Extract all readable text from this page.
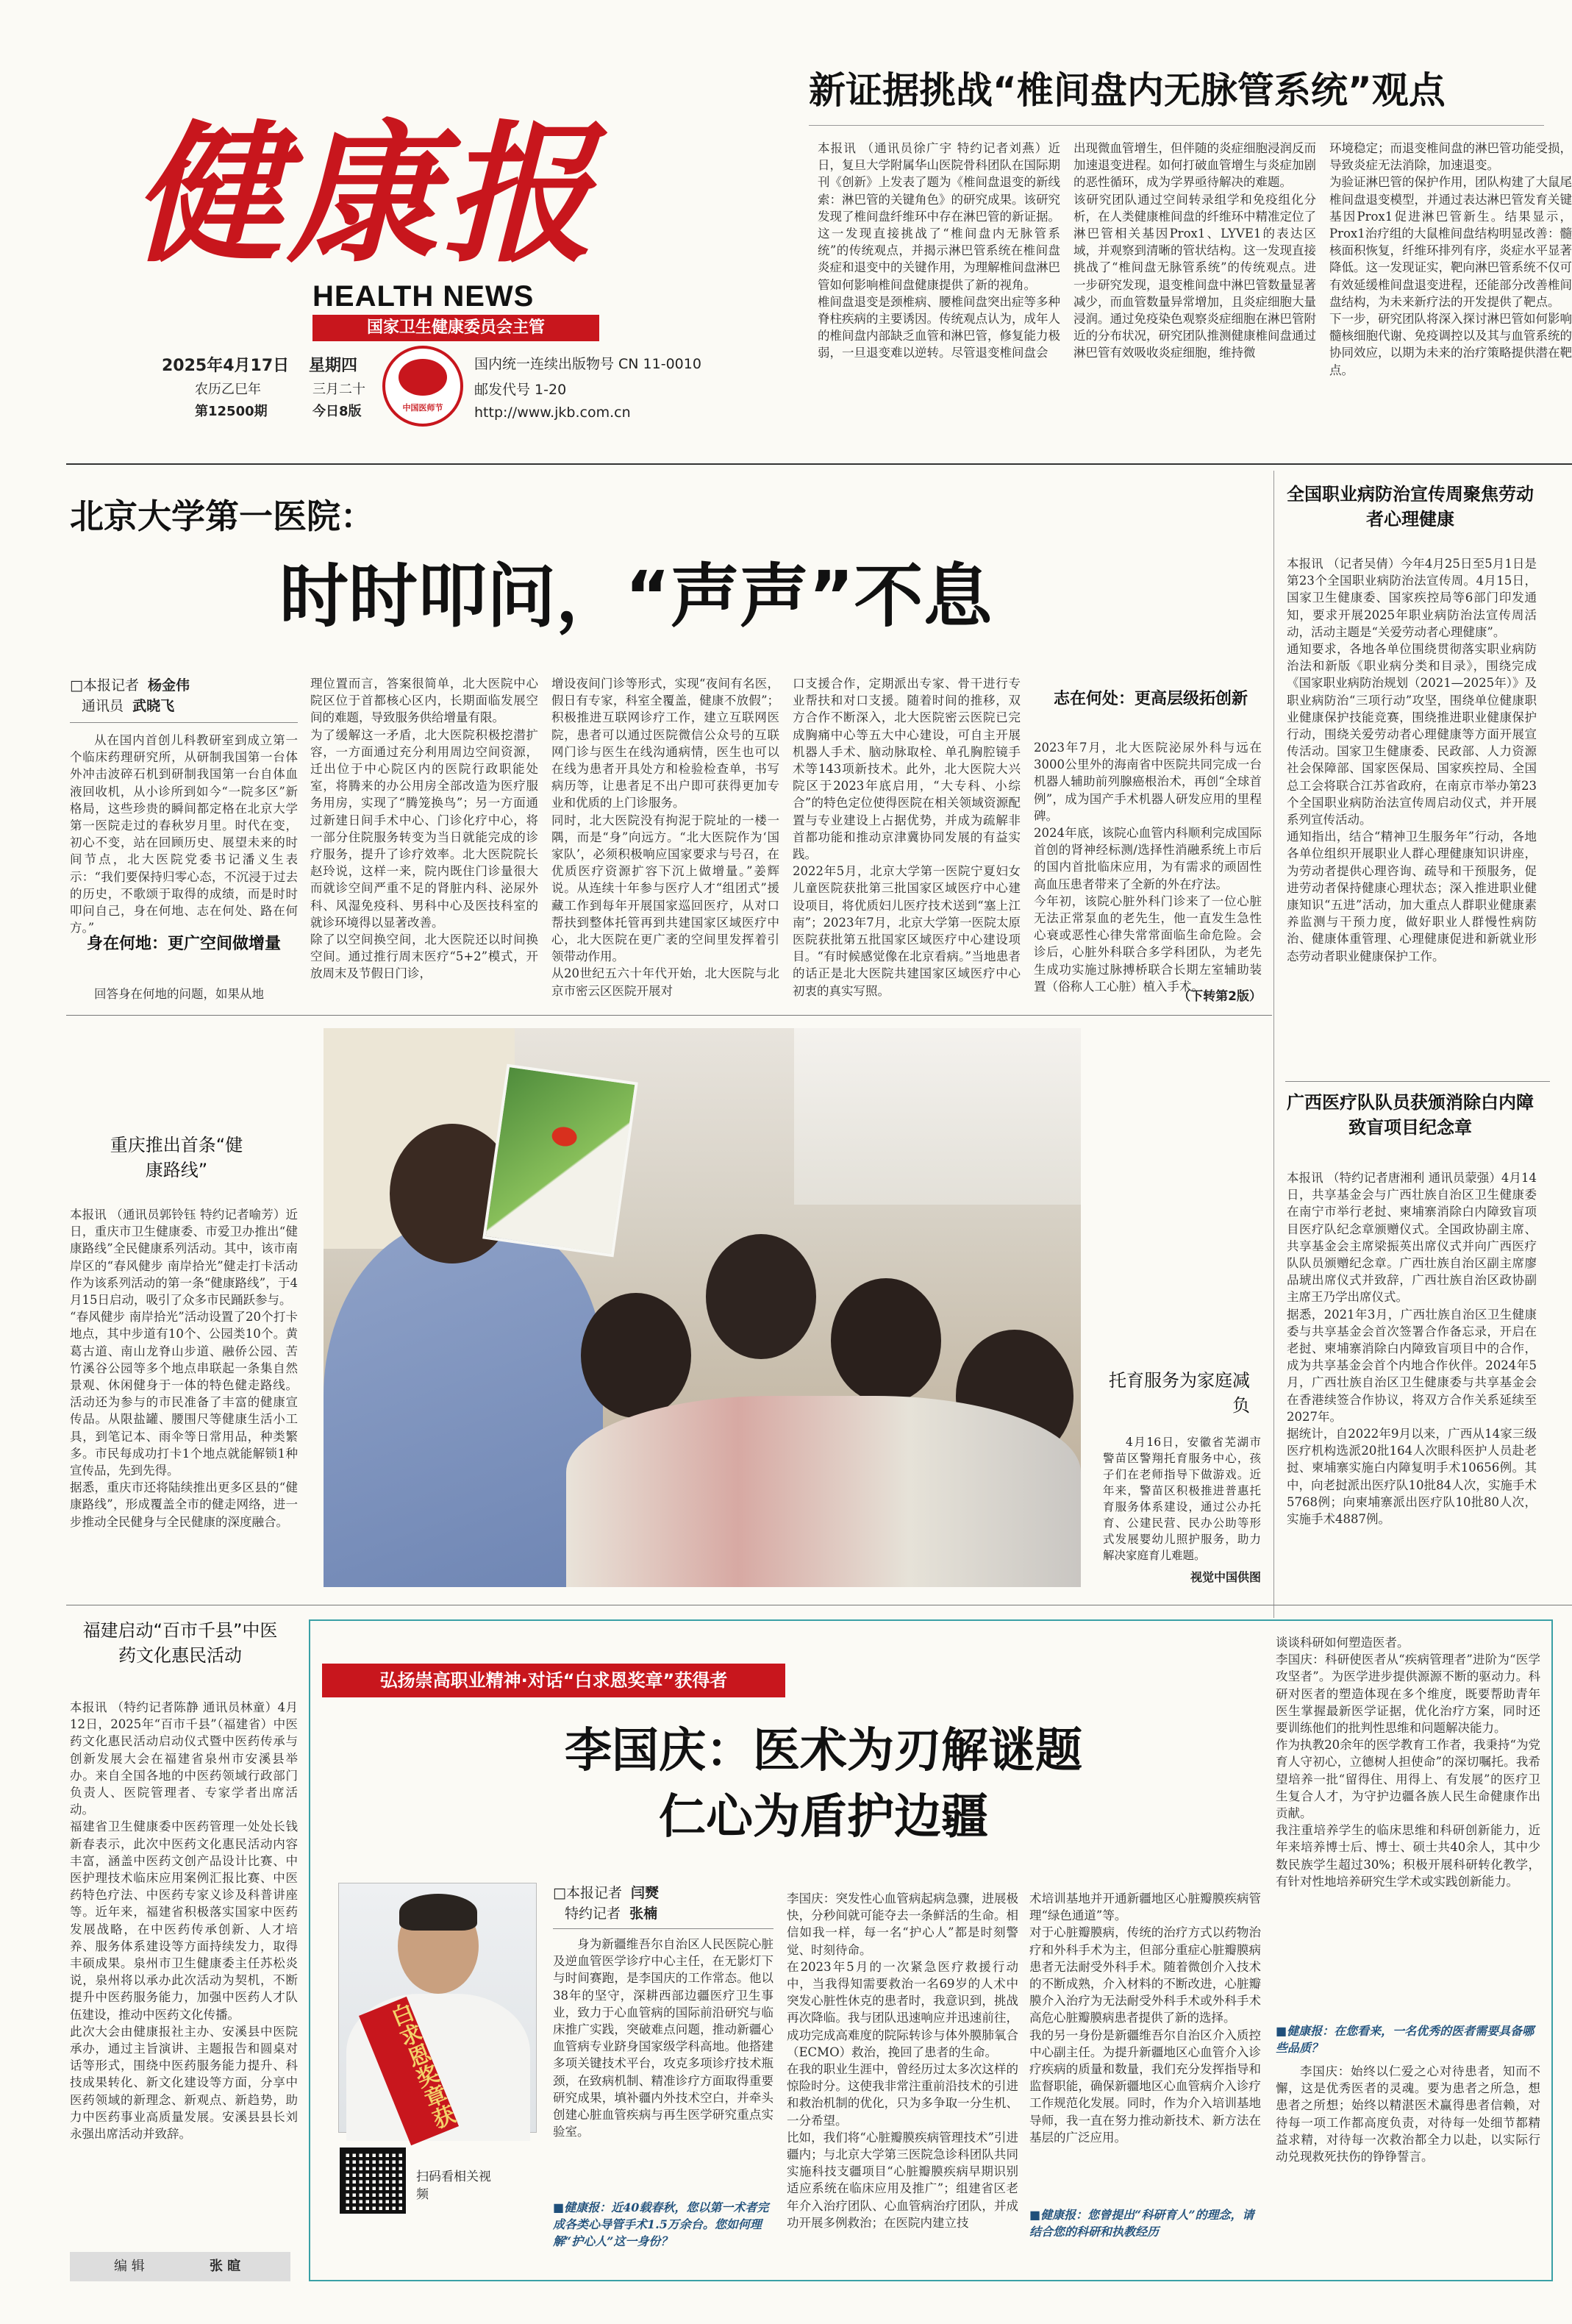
健康报
HEALTH NEWS
国家卫生健康委员会主管
2025年4月17日 星期四
农历乙巳年	三月二十
第12500期	今日8版	中国医师节
国内统一连续出版物号 CN 11-0010
邮发代号 1-20
http://www.jkb.com.cn
新证据挑战“椎间盘内无脉管系统”观点
本报讯 （通讯员徐广宇 特约记者刘燕）近日，复旦大学附属华山医院骨科团队在国际期刊《创新》上发表了题为《椎间盘退变的新线索：淋巴管的关键角色》的研究成果。该研究发现了椎间盘纤维环中存在淋巴管的新证据。这一发现直接挑战了“椎间盘内无脉管系统”的传统观点，并揭示淋巴管系统在椎间盘炎症和退变中的关键作用，为理解椎间盘淋巴管如何影响椎间盘健康提供了新的视角。
椎间盘退变是颈椎病、腰椎间盘突出症等多种脊柱疾病的主要诱因。传统观点认为，成年人的椎间盘内部缺乏血管和淋巴管，修复能力极弱，一旦退变难以逆转。尽管退变椎间盘会
出现微血管增生，但伴随的炎症细胞浸润反而加速退变进程。如何打破血管增生与炎症加剧的恶性循环，成为学界亟待解决的难题。
该研究团队通过空间转录组学和免疫组化分析，在人类健康椎间盘的纤维环中精准定位了淋巴管相关基因Prox1、LYVE1的表达区域，并观察到清晰的管状结构。这一发现直接挑战了“椎间盘无脉管系统”的传统观点。进一步研究发现，退变椎间盘中淋巴管数量显著减少，而血管数量异常增加，且炎症细胞大量浸润。通过免疫染色观察炎症细胞在淋巴管附近的分布状况，研究团队推测健康椎间盘通过淋巴管有效吸收炎症细胞，维持微
环境稳定；而退变椎间盘的淋巴管功能受损，导致炎症无法消除，加速退变。
为验证淋巴管的保护作用，团队构建了大鼠尾椎间盘退变模型，并通过表达淋巴管发育关键基因Prox1促进淋巴管新生。结果显示，Prox1治疗组的大鼠椎间盘结构明显改善：髓核面积恢复，纤维环排列有序，炎症水平显著降低。这一发现证实，靶向淋巴管系统不仅可有效延缓椎间盘退变进程，还能部分改善椎间盘结构，为未来新疗法的开发提供了靶点。
下一步，研究团队将深入探讨淋巴管如何影响髓核细胞代谢、免疫调控以及其与血管系统的协同效应，以期为未来的治疗策略提供潜在靶点。
北京大学第一医院：
时时叩问，“声声”不息
□本报记者 杨金伟
通讯员 武晓飞
从在国内首创儿科教研室到成立第一个临床药理研究所，从研制我国第一台体外冲击波碎石机到研制我国第一台自体血液回收机，从小诊所到如今“一院多区”新格局，这些珍贵的瞬间都定格在北京大学第一医院走过的春秋岁月里。时代在变，初心不变，站在回顾历史、展望未来的时间节点，北大医院党委书记潘义生表示：“我们要保持归零心态，不沉浸于过去的历史，不歌颂于取得的成绩，而是时时叩问自己，身在何地、志在何处、路在何方。”
身在何地：更广空间做增量
回答身在何地的问题，如果从地
理位置而言，答案很简单，北大医院中心院区位于首都核心区内，长期面临发展空间的难题，导致服务供给增量有限。
为了缓解这一矛盾，北大医院积极挖潜扩容，一方面通过充分利用周边空间资源，迁出位于中心院区内的医院行政职能处室，将腾来的办公用房全部改造为医疗服务用房，实现了“腾笼换鸟”；另一方面通过新建日间手术中心、门诊化疗中心，将一部分住院服务转变为当日就能完成的诊疗服务，提升了诊疗效率。北大医院院长赵玲说，这样一来，院内既住门诊量很大而就诊空间严重不足的肾脏内科、泌尿外科、风湿免疫科、男科中心及医技科室的就诊环境得以显著改善。
除了以空间换空间，北大医院还以时间换空间。通过推行周末医疗“5+2”模式，开放周末及节假日门诊，
增设夜间门诊等形式，实现“夜间有名医，假日有专家，科室全覆盖，健康不放假”；积极推进互联网诊疗工作，建立互联网医院，患者可以通过医院微信公众号的互联网门诊与医生在线沟通病情，医生也可以在线为患者开具处方和检验检查单，书写病历等，让患者足不出户即可获得更加专业和优质的上门诊服务。
同时，北大医院没有拘泥于院址的一楼一隅，而是“身”向远方。“北大医院作为‘国家队’，必须积极响应国家要求与号召，在优质医疗资源扩容下沉上做增量。”姜辉说。从连续十年参与医疗人才“组团式”援藏工作到每年开展国家巡回医疗，从对口帮扶到整体托管再到共建国家区域医疗中心，北大医院在更广袤的空间里发挥着引领带动作用。
从20世纪五六十年代开始，北大医院与北京市密云区医院开展对
口支援合作，定期派出专家、骨干进行专业帮扶和对口支援。随着时间的推移，双方合作不断深入，北大医院密云医院已完成胸痛中心等五大中心建设，可自主开展机器人手术、脑动脉取栓、单孔胸腔镜手术等143项新技术。此外，北大医院大兴院区于2023年底启用，“大专科、小综合”的特色定位使得医院在相关领域资源配置与专业建设上占据优势，并成为疏解非首都功能和推动京津冀协同发展的有益实践。
2022年5月，北京大学第一医院宁夏妇女儿童医院获批第三批国家区域医疗中心建设项目，将优质妇儿医疗技术送到“塞上江南”；2023年7月，北京大学第一医院太原医院获批第五批国家区域医疗中心建设项目。“有时候感觉像在北京看病。”当地患者的话正是北大医院共建国家区域医疗中心初衷的真实写照。
志在何处：更高层级拓创新
2023年7月，北大医院泌尿外科与远在3000公里外的海南省中医院共同完成一台机器人辅助前列腺癌根治术，再创“全球首例”，成为国产手术机器人研发应用的里程碑。
2024年底，该院心血管内科顺利完成国际首创的肾神经标测/选择性消融系统上市后的国内首批临床应用，为有需求的顽固性高血压患者带来了全新的外在疗法。
今年初，该院心脏外科门诊来了一位心脏无法正常泵血的老先生，他一直发生急性心衰或恶性心律失常常面临生命危险。会诊后，心脏外科联合多学科团队，为老先生成功实施过脉搏桥联合长期左室辅助装置（俗称人工心脏）植入手术。
（下转第2版）
全国职业病防治宣传周聚焦劳动者心理健康
本报讯 （记者吴倩）今年4月25日至5月1日是第23个全国职业病防治法宣传周。4月15日，国家卫生健康委、国家疾控局等6部门印发通知，要求开展2025年职业病防治法宣传周活动，活动主题是“关爱劳动者心理健康”。
通知要求，各地各单位围绕贯彻落实职业病防治法和新版《职业病分类和目录》，围绕完成《国家职业病防治规划（2021—2025年）》及职业病防治“三项行动”攻坚，围绕单位健康职业健康保护技能竞赛，围绕推进职业健康保护行动，围绕关爱劳动者心理健康等方面开展宣传活动。国家卫生健康委、民政部、人力资源社会保障部、国家医保局、国家疾控局、全国总工会将联合江苏省政府，在南京市举办第23个全国职业病防治法宣传周启动仪式，并开展系列宣传活动。
通知指出，结合“精神卫生服务年”行动，各地各单位组织开展职业人群心理健康知识讲座，为劳动者提供心理咨询、疏导和干预服务，促进劳动者保持健康心理状态；深入推进职业健康知识“五进”活动，加大重点人群职业健康素养监测与干预力度，做好职业人群慢性病防治、健康体重管理、心理健康促进和新就业形态劳动者职业健康保护工作。
广西医疗队队员获颁消除白内障致盲项目纪念章
本报讯 （特约记者唐湘利 通讯员蒙强）4月14日，共享基金会与广西壮族自治区卫生健康委在南宁市举行老挝、柬埔寨消除白内障致盲项目医疗队纪念章颁赠仪式。全国政协副主席、共享基金会主席梁振英出席仪式并向广西医疗队队员颁赠纪念章。广西壮族自治区副主席廖品琥出席仪式并致辞，广西壮族自治区政协副主席王乃学出席仪式。
据悉，2021年3月，广西壮族自治区卫生健康委与共享基金会首次签署合作备忘录，开启在老挝、柬埔寨消除白内障致盲项目中的合作，成为共享基金会首个内地合作伙伴。2024年5月，广西壮族自治区卫生健康委与共享基金会在香港续签合作协议，将双方合作关系延续至2027年。
据统计，自2022年9月以来，广西从14家三级医疗机构选派20批164人次眼科医护人员赴老挝、柬埔寨实施白内障复明手术10656例。其中，向老挝派出医疗队10批84人次，实施手术5768例；向柬埔寨派出医疗队10批80人次，实施手术4887例。
重庆推出首条“健康路线”
本报讯 （通讯员郭铃钰 特约记者喻芳）近日，重庆市卫生健康委、市爱卫办推出“健康路线”全民健康系列活动。其中，该市南岸区的“春风健步 南岸拾光”健走打卡活动作为该系列活动的第一条“健康路线”，于4月15日启动，吸引了众多市民踊跃参与。
“春风健步 南岸拾光”活动设置了20个打卡地点，其中步道有10个、公园类10个。黄葛古道、南山龙脊山步道、融侨公园、苦竹溪谷公园等多个地点串联起一条集自然景观、休闲健身于一体的特色健走路线。活动还为参与的市民准备了丰富的健康宣传品。从限盐罐、腰围尺等健康生活小工具，到笔记本、雨伞等日常用品，种类繁多。市民每成功打卡1个地点就能解锁1种宣传品，先到先得。
据悉，重庆市还将陆续推出更多区县的“健康路线”，形成覆盖全市的健走网络，进一步推动全民健身与全民健康的深度融合。
托育服务为家庭减负
4月16日，安徽省芜湖市警苗区警翔托育服务中心，孩子们在老师指导下做游戏。近年来，警苗区积极推进普惠托育服务体系建设，通过公办托育、公建民营、民办公助等形式发展婴幼儿照护服务，助力解决家庭育儿难题。
视觉中国供图
福建启动“百市千县”中医药文化惠民活动
本报讯 （特约记者陈静 通讯员林童）4月12日，2025年“百市千县”（福建省）中医药文化惠民活动启动仪式暨中医药传承与创新发展大会在福建省泉州市安溪县举办。来自全国各地的中医药领域行政部门负责人、医院管理者、专家学者出席活动。
福建省卫生健康委中医药管理一处处长钱新春表示，此次中医药文化惠民活动内容丰富，涵盖中医药文创产品设计比赛、中医护理技术临床应用案例汇报比赛、中医药特色疗法、中医药专家义诊及科普讲座等。近年来，福建省积极落实国家中医药发展战略，在中医药传承创新、人才培养、服务体系建设等方面持续发力，取得丰硕成果。泉州市卫生健康委主任苏松炎说，泉州将以承办此次活动为契机，不断提升中医药服务能力，加强中医药人才队伍建设，推动中医药文化传播。
此次大会由健康报社主办、安溪县中医院承办，通过主旨演讲、主题报告和圆桌对话等形式，围绕中医药服务能力提升、科技成果转化、新文化建设等方面，分享中医药领域的新理念、新观点、新趋势，助力中医药事业高质量发展。安溪县县长刘永强出席活动并致辞。
编 辑	张 暄
弘扬崇高职业精神·对话“白求恩奖章”获得者
李国庆：医术为刃解谜题
仁心为盾护边疆
白求恩奖章获
扫码看相关视频
□本报记者 闫燹
特约记者 张楠
身为新疆维吾尔自治区人民医院心脏及逆血管医学诊疗中心主任，在无影灯下与时间赛跑，是李国庆的工作常态。他以38年的坚守，深耕西部边疆医疗卫生事业，致力于心血管病的国际前沿研究与临床推广实践，突破难点问题，推动新疆心血管病专业跻身国家级学科高地。他搭建多项关键技术平台，攻克多项诊疗技术瓶颈，在致病机制、精准诊疗方面取得重要研究成果，填补疆内外技术空白，并牵头创建心脏血管疾病与再生医学研究重点实验室。
■健康报：近40载春秋，您以第一术者完成各类心导管手术1.5万余台。您如何理解“护心人”这一身份？
李国庆：突发性心血管病起病急骤，进展极快，分秒间就可能夺去一条鲜活的生命。相信如我一样，每一名“护心人”都是时刻警觉、时刻待命。
在2023年5月的一次紧急医疗救援行动中，当我得知需要救治一名69岁的人术中突发心脏性休克的患者时，我意识到，挑战再次降临。我与团队迅速响应并迅速前往，成功完成高难度的院际转诊与体外膜肺氧合（ECMO）救治，挽回了患者的生命。
在我的职业生涯中，曾经历过太多次这样的惊险时分。这使我非常注重前沿技术的引进和救治机制的优化，只为多争取一分生机、一分希望。
比如，我们将“心脏瓣膜疾病管理技术”引进疆内；与北京大学第三医院急诊科团队共同实施科技支疆项目“心脏瓣膜疾病早期识别适应系统在临床应用及推广”；组建省区老年介入治疗团队、心血管病治疗团队，并成功开展多例救治；在医院内建立技
术培训基地并开通新疆地区心脏瓣膜疾病管理“绿色通道”等。
对于心脏瓣膜病，传统的治疗方式以药物治疗和外科手术为主，但部分重症心脏瓣膜病患者无法耐受外科手术。随着微创介入技术的不断成熟，介入材料的不断改进，心脏瓣膜介入治疗为无法耐受外科手术或外科手术高危心脏瓣膜病患者提供了新的选择。
我的另一身份是新疆维吾尔自治区介入质控中心副主任。为提升新疆地区心血管介入诊疗疾病的质量和数量，我们充分发挥指导和监督职能，确保新疆地区心血管病介入诊疗工作规范化发展。同时，作为介入培训基地导师，我一直在努力推动新技术、新方法在基层的广泛应用。
■健康报：您曾提出“科研育人”的理念，请结合您的科研和执教经历
谈谈科研如何塑造医者。
李国庆：科研使医者从“疾病管理者”进阶为“医学攻坚者”。为医学进步提供源源不断的驱动力。科研对医者的塑造体现在多个维度，既要帮助青年医生掌握最新医学证据，优化治疗方案，同时还要训练他们的批判性思维和问题解决能力。
作为执教20余年的医学教育工作者，我秉持“为党育人守初心，立德树人担使命”的深切嘱托。我希望培养一批“留得住、用得上、有发展”的医疗卫生复合人才，为守护边疆各族人民生命健康作出贡献。
我注重培养学生的临床思维和科研创新能力，近年来培养博士后、博士、硕士共40余人，其中少数民族学生超过30%；积极开展科研转化教学，有针对性地培养研究生学术或实践创新能力。
■健康报：在您看来，一名优秀的医者需要具备哪些品质？
李国庆：始终以仁爱之心对待患者，知而不懈，这是优秀医者的灵魂。要为患者之所急，想患者之所想；始终以精湛医术赢得患者信赖，对待每一项工作都高度负责，对待每一处细节都精益求精，对待每一次救治都全力以赴，以实际行动兑现救死扶伤的铮铮誓言。
